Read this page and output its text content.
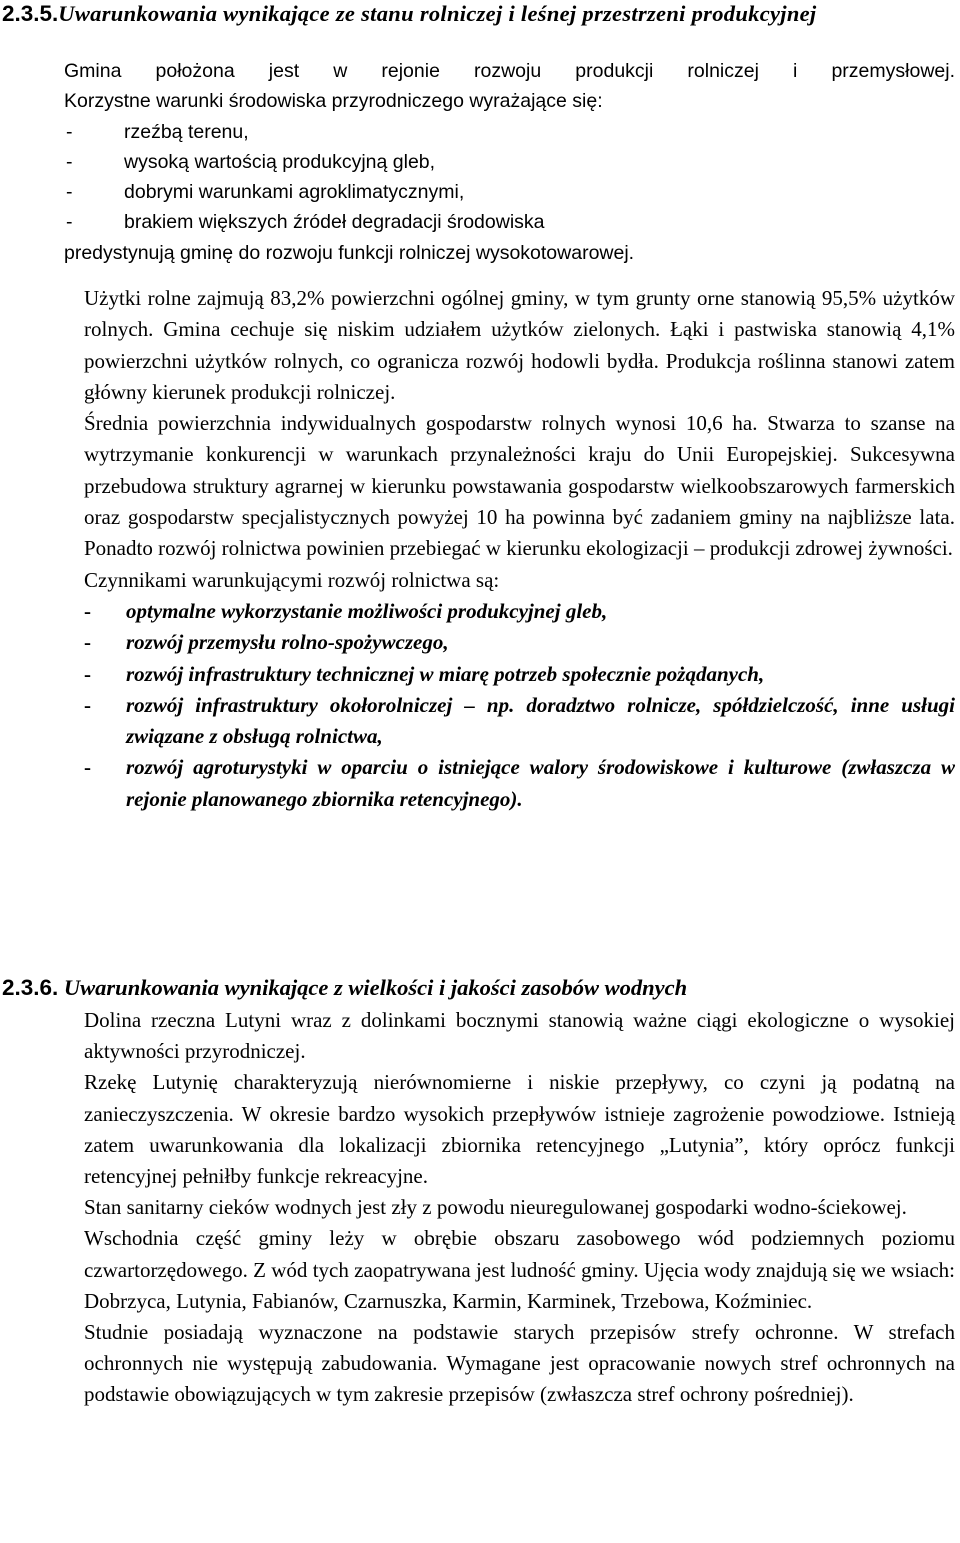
2.3.5.Uwarunkowania wynikające ze stanu rolniczej i leśnej przestrzeni produkcyjnej

Gmina położona jest w rejonie rozwoju produkcji rolniczej i przemysłowej.

Korzystne warunki środowiska przyrodniczego wyrażające się:

- rzeźbą terenu,
- wysoką wartością produkcyjną gleb,
- dobrymi warunkami agroklimatycznymi,
- brakiem większych źródeł degradacji środowiska

predystynują gminę do rozwoju funkcji rolniczej wysokotowarowej.

Użytki rolne zajmują 83,2% powierzchni ogólnej gminy, w tym grunty orne stanowią 95,5% użytków rolnych. Gmina cechuje się niskim udziałem użytków zielonych. Łąki i pastwiska stanowią 4,1% powierzchni użytków rolnych, co ogranicza rozwój hodowli bydła. Produkcja roślinna stanowi zatem główny kierunek produkcji rolniczej.

Średnia powierzchnia indywidualnych gospodarstw rolnych wynosi 10,6 ha. Stwarza to szanse na wytrzymanie konkurencji w warunkach przynależności kraju do Unii Europejskiej. Sukcesywna przebudowa struktury agrarnej w kierunku powstawania gospodarstw wielkoobszarowych farmerskich oraz gospodarstw specjalistycznych powyżej 10 ha powinna być zadaniem gminy na najbliższe lata. Ponadto rozwój rolnictwa powinien przebiegać w kierunku ekologizacji – produkcji zdrowej żywności.

Czynnikami warunkującymi rozwój rolnictwa są:

- optymalne wykorzystanie możliwości produkcyjnej gleb,
- rozwój przemysłu rolno-spożywczego,
- rozwój infrastruktury technicznej w miarę potrzeb społecznie pożądanych,
- rozwój infrastruktury okołorolniczej – np. doradztwo rolnicze, spółdzielczość, inne usługi związane z obsługą rolnictwa,
- rozwój agroturystyki w oparciu o istniejące walory środowiskowe i kulturowe (zwłaszcza w rejonie planowanego zbiornika retencyjnego).
2.3.6. Uwarunkowania wynikające z wielkości i jakości zasobów wodnych

Dolina rzeczna Lutyni wraz z dolinkami bocznymi stanowią ważne ciągi ekologiczne o wysokiej aktywności przyrodniczej.

Rzekę Lutynię charakteryzują nierównomierne i niskie przepływy, co czyni ją podatną na zanieczyszczenia. W okresie bardzo wysokich przepływów istnieje zagrożenie powodziowe. Istnieją zatem uwarunkowania dla lokalizacji zbiornika retencyjnego „Lutynia”, który oprócz funkcji retencyjnej pełniłby funkcje rekreacyjne.

Stan sanitarny cieków wodnych jest zły z powodu nieuregulowanej gospodarki wodno-ściekowej.

Wschodnia część gminy leży w obrębie obszaru zasobowego wód podziemnych poziomu czwartorzędowego. Z wód tych zaopatrywana jest ludność gminy. Ujęcia wody znajdują się we wsiach: Dobrzyca, Lutynia, Fabianów, Czarnuszka, Karmin, Karminek, Trzebowa, Koźminiec.

Studnie posiadają wyznaczone na podstawie starych przepisów strefy ochronne. W strefach ochronnych nie występują zabudowania. Wymagane jest opracowanie nowych stref ochronnych na podstawie obowiązujących w tym zakresie przepisów (zwłaszcza stref ochrony pośredniej).
